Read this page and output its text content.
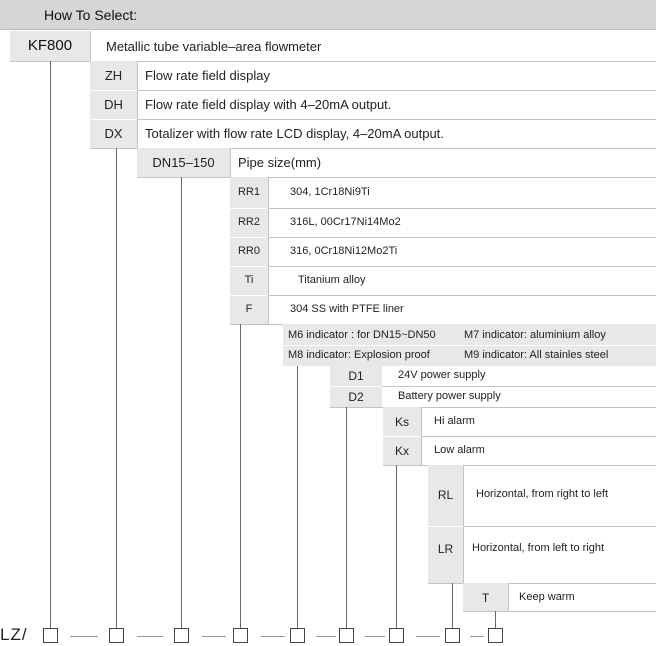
How To Select:
KF800	Metallic tube variable–area flowmeter
ZH	Flow rate field display
DH	Flow rate field display with 4–20mA output.
DX	Totalizer with flow rate LCD display, 4–20mA output.
DN15–150	Pipe size(mm)
RR1	304, 1Cr18Ni9Ti
RR2	316L, 00Cr17Ni14Mo2
RR0	316, 0Cr18Ni12Mo2Ti
Ti	Titanium alloy
F	304 SS with PTFE liner
M6 indicator : for DN15~DN50	M7 indicator: aluminium alloy
M8 indicator: Explosion proof	M9 indicator: All stainles steel
D1	24V power supply
D2	Battery power supply
Ks	Hi alarm
Kx	Low alarm
RL	Horizontal, from right to left
LR	Horizontal, from left to right
T	Keep warm
LZ/
